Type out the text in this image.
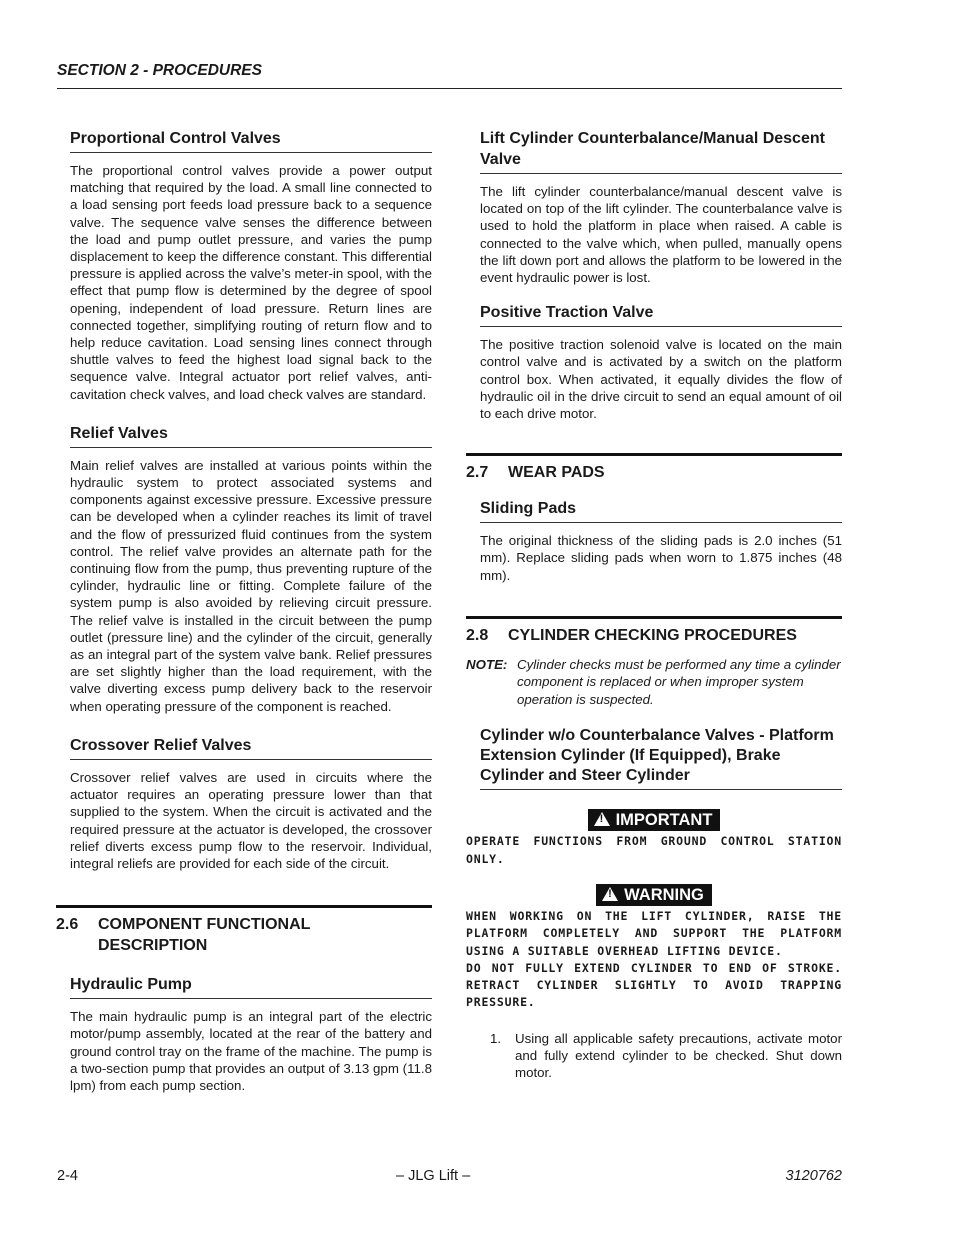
SECTION 2 - PROCEDURES
Proportional Control Valves

The proportional control valves provide a power output matching that required by the load. A small line connected to a load sensing port feeds load pressure back to a sequence valve. The sequence valve senses the difference between the load and pump outlet pressure, and varies the pump displacement to keep the difference constant. This differential pressure is applied across the valve’s meter-in spool, with the effect that pump flow is determined by the degree of spool opening, independent of load pressure. Return lines are connected together, simplifying routing of return flow and to help reduce cavitation. Load sensing lines connect through shuttle valves to feed the highest load signal back to the sequence valve. Integral actuator port relief valves, anti-cavitation check valves, and load check valves are standard.

Relief Valves

Main relief valves are installed at various points within the hydraulic system to protect associated systems and components against excessive pressure. Excessive pressure can be developed when a cylinder reaches its limit of travel and the flow of pressurized fluid continues from the system control. The relief valve provides an alternate path for the continuing flow from the pump, thus preventing rupture of the cylinder, hydraulic line or fitting. Complete failure of the system pump is also avoided by relieving circuit pressure. The relief valve is installed in the circuit between the pump outlet (pressure line) and the cylinder of the circuit, generally as an integral part of the system valve bank. Relief pressures are set slightly higher than the load requirement, with the valve diverting excess pump delivery back to the reservoir when operating pressure of the component is reached.

Crossover Relief Valves

Crossover relief valves are used in circuits where the actuator requires an operating pressure lower than that supplied to the system. When the circuit is activated and the required pressure at the actuator is developed, the crossover relief diverts excess pump flow to the reservoir. Individual, integral reliefs are provided for each side of the circuit.

2.6	COMPONENT FUNCTIONAL DESCRIPTION
Hydraulic Pump

The main hydraulic pump is an integral part of the electric motor/pump assembly, located at the rear of the battery and ground control tray on the frame of the machine. The pump is a two-section pump that provides an output of 3.13 gpm (11.8 lpm) from each pump section.

Lift Cylinder Counterbalance/Manual Descent Valve

The lift cylinder counterbalance/manual descent valve is located on top of the lift cylinder. The counterbalance valve is used to hold the platform in place when raised. A cable is connected to the valve which, when pulled, manually opens the lift down port and allows the platform to be lowered in the event hydraulic power is lost.

Positive Traction Valve

The positive traction solenoid valve is located on the main control valve and is activated by a switch on the platform control box. When activated, it equally divides the flow of hydraulic oil in the drive circuit to send an equal amount of oil to each drive motor.

2.7	WEAR PADS
Sliding Pads

The original thickness of the sliding pads is 2.0 inches (51 mm). Replace sliding pads when worn to 1.875 inches (48 mm).

2.8	CYLINDER CHECKING PROCEDURES
NOTE: Cylinder checks must be performed any time a cylinder component is replaced or when improper system operation is suspected.
Cylinder w/o Counterbalance Valves - Platform Extension Cylinder (If Equipped), Brake Cylinder and Steer Cylinder
!IMPORTANT
OPERATE FUNCTIONS FROM GROUND CONTROL STATION ONLY.
!WARNING
WHEN WORKING ON THE LIFT CYLINDER, RAISE THE PLATFORM COMPLETELY AND SUPPORT THE PLATFORM USING A SUITABLE OVERHEAD LIFTING DEVICE.
DO NOT FULLY EXTEND CYLINDER TO END OF STROKE. RETRACT CYLINDER SLIGHTLY TO AVOID TRAPPING PRESSURE.
1.	Using all applicable safety precautions, activate motor and fully extend cylinder to be checked. Shut down motor.
2-4	– JLG Lift –	3120762
